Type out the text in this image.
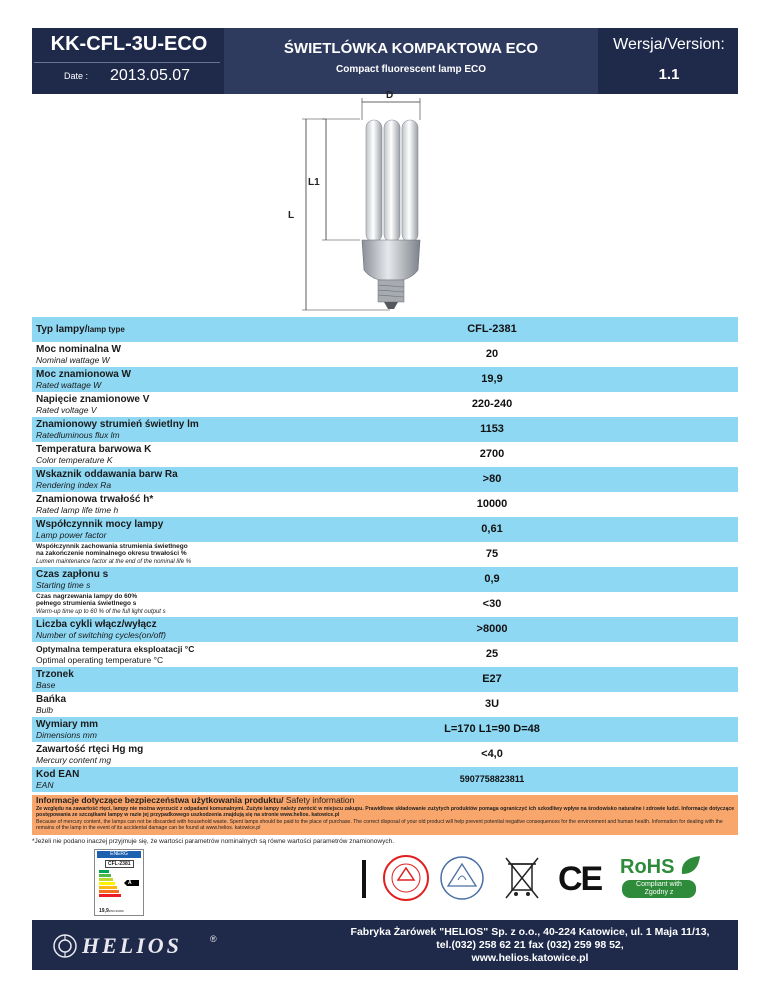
KK-CFL-3U-ECO
Date : 2013.05.07
ŚWIETLÓWKA KOMPAKTOWA ECO
Compact fluorescent lamp ECO
Wersja/Version:
1.1
D
L1
L
Typ lampy/lamp type	CFL-2381
Moc nominalna W
Nominal wattage W	20
Moc znamionowa W
Rated wattage W	19,9
Napięcie znamionowe V
Rated voltage V	220-240
Znamionowy strumień świetlny lm
Ratedluminous flux lm	1153
Temperatura barwowa K
Color temperature K	2700
Wskaznik oddawania barw Ra
Rendering index Ra	>80
Znamionowa trwałość h*
Rated lamp life time h	10000
Współczynnik mocy lampy
Lamp power factor	0,61
Współczynnik zachowania strumienia świetlnego
na zakończenie nominalnego okresu trwałości %
Lumen maintenance factor at the end of the nominal life %
75
Czas zapłonu s
Starting time s	0,9
Czas nagrzewania lampy do 60%
pełnego strumienia świetlnego s
Warm-up time up to 60 % of the full light output s
<30
Liczba cykli włącz/wyłącz
Number of switching cycles(on/off)	>8000
Optymalna temperatura eksploatacji °C
Optimal operating temperature °C	25
Trzonek
Base	E27
Bańka
Bulb	3U
Wymiary mm
Dimensions mm	L=170 L1=90 D=48
Zawartość rtęci Hg mg
Mercury content mg	<4,0
Kod EAN
EAN
5907758823811
Informacje dotyczące bezpieczeństwa użytkowania produktu/ Safety information
Ze względu na zawartość rtęci, lampy nie można wyrzucić z odpadami komunalnymi. Zużyte lampy należy zwrócić w miejscu zakupu. Prawidłowe składowanie zużytych produktów pomaga ograniczyć ich szkodliwy wpływ na środowisko naturalne i zdrowie ludzi. Informacje dotyczące postępowania ze szczątkami lampy w razie jej przypadkowego uszkodzenia znajdują się na stronie www.helios. katowice.pl
Because of mercury content, the lamps can not be discarded with household waste. Spent lamps should be paid to the place of purchase. The correct disposal of your old product will help prevent potential negative consequences for the environment and human health. Information for dealing with the remains of the lamp in the event of its accidental damage can be found at www.helios. katowice.pl
*Jeżeli nie podano inaczej przyjmuje się, że wartości parametrów nominalnych są równe wartości parametrów znamionowych.
ENERG
CFL-2381
A
19,9kWh/1000h
CE RoHS
Compliant with
Zgodny z
HELIOS	®
Fabryka Żarówek "HELIOS" Sp. z o.o., 40-224 Katowice, ul. 1 Maja 11/13,
tel.(032) 258 62 21 fax (032) 259 98 52,
www.helios.katowice.pl
